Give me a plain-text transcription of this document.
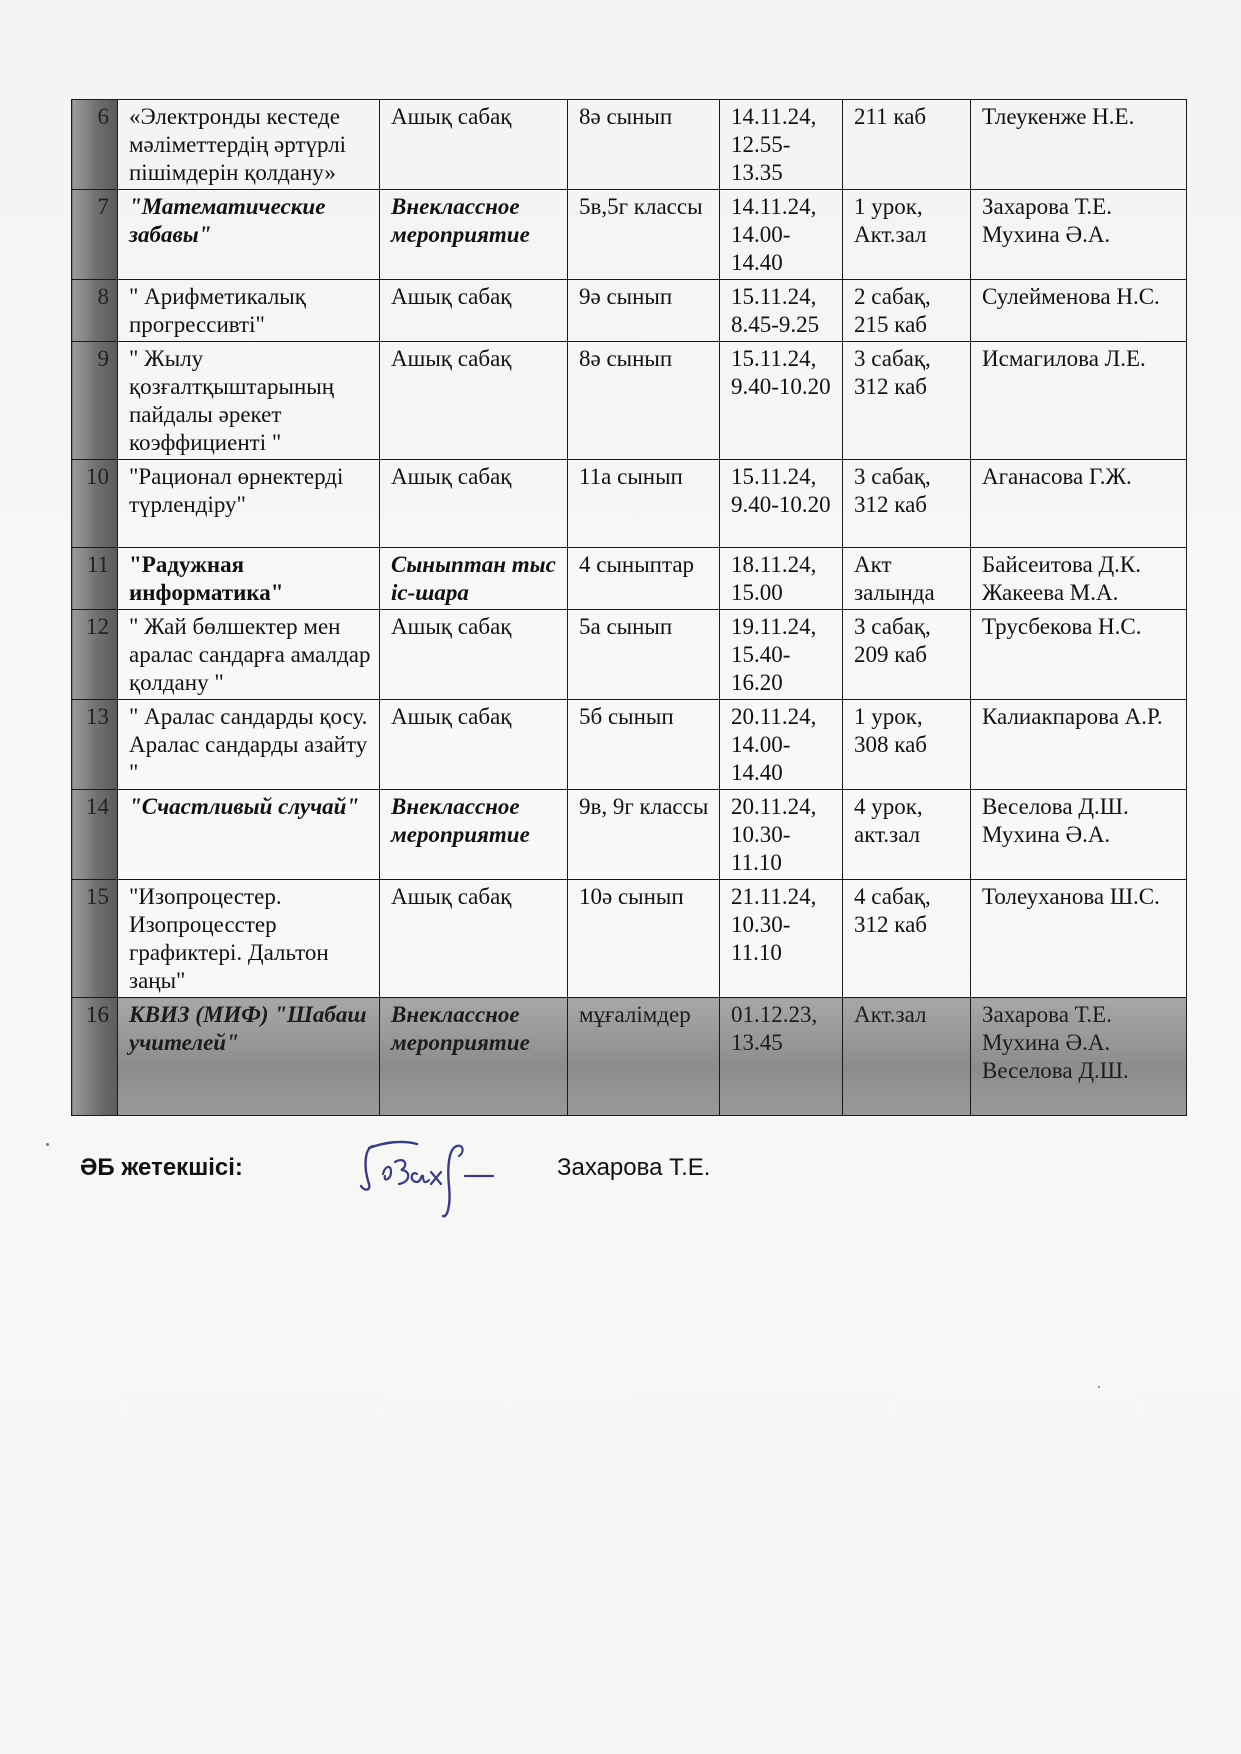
6	«Электронды кестеде мәліметтердің әртүрлі пішімдерін қолдану»	Ашық сабақ	8ә сынып	14.11.24, 12.55-13.35	211 каб	Тлеукенже Н.Е.
7	"Математические забавы"	Внеклассное мероприятие	5в,5г классы	14.11.24, 14.00-14.40	1 урок, Акт.зал	Захарова Т.Е. Мухина Ә.А.
8	" Арифметикалық прогрессивті"	Ашық сабақ	9ә сынып	15.11.24, 8.45-9.25	2 сабақ, 215 каб	Сулейменова Н.С.
9	" Жылу қозғалтқыштарының пайдалы әрекет коэффициенті "	Ашық сабақ	8ә сынып	15.11.24, 9.40-10.20	3 сабақ, 312 каб	Исмагилова Л.Е.
10	"Рационал өрнектерді түрлендіру"	Ашық сабақ	11а сынып	15.11.24, 9.40-10.20	3 сабақ, 312 каб	Аганасова Г.Ж.
11	"Радужная информатика"	Сыныптан тыс іс-шара	4 сыныптар	18.11.24, 15.00	Акт залында	Байсеитова Д.К. Жакеева М.А.
12	" Жай бөлшектер мен аралас сандарға амалдар қолдану "	Ашық сабақ	5а сынып	19.11.24, 15.40-16.20	3 сабақ, 209 каб	Трусбекова Н.С.
13	" Аралас сандарды қосу. Аралас сандарды азайту "	Ашық сабақ	5б сынып	20.11.24, 14.00-14.40	1 урок, 308 каб	Калиакпарова А.Р.
14	"Счастливый случай"	Внеклассное мероприятие	9в, 9г классы	20.11.24, 10.30-11.10	4 урок, акт.зал	Веселова Д.Ш. Мухина Ә.А.
15	"Изопроцестер. Изопроцесстер графиктері. Дальтон заңы"	Ашық сабақ	10ә сынып	21.11.24, 10.30-11.10	4 сабақ, 312 каб	Толеуханова Ш.С.
16	КВИЗ (МИФ) "Шабаш учителей"	Внеклассное мероприятие	мұғалімдер	01.12.23, 13.45	Акт.зал	Захарова Т.Е. Мухина Ә.А. Веселова Д.Ш.
ӘБ жетекшісі:	Захарова Т.Е.
